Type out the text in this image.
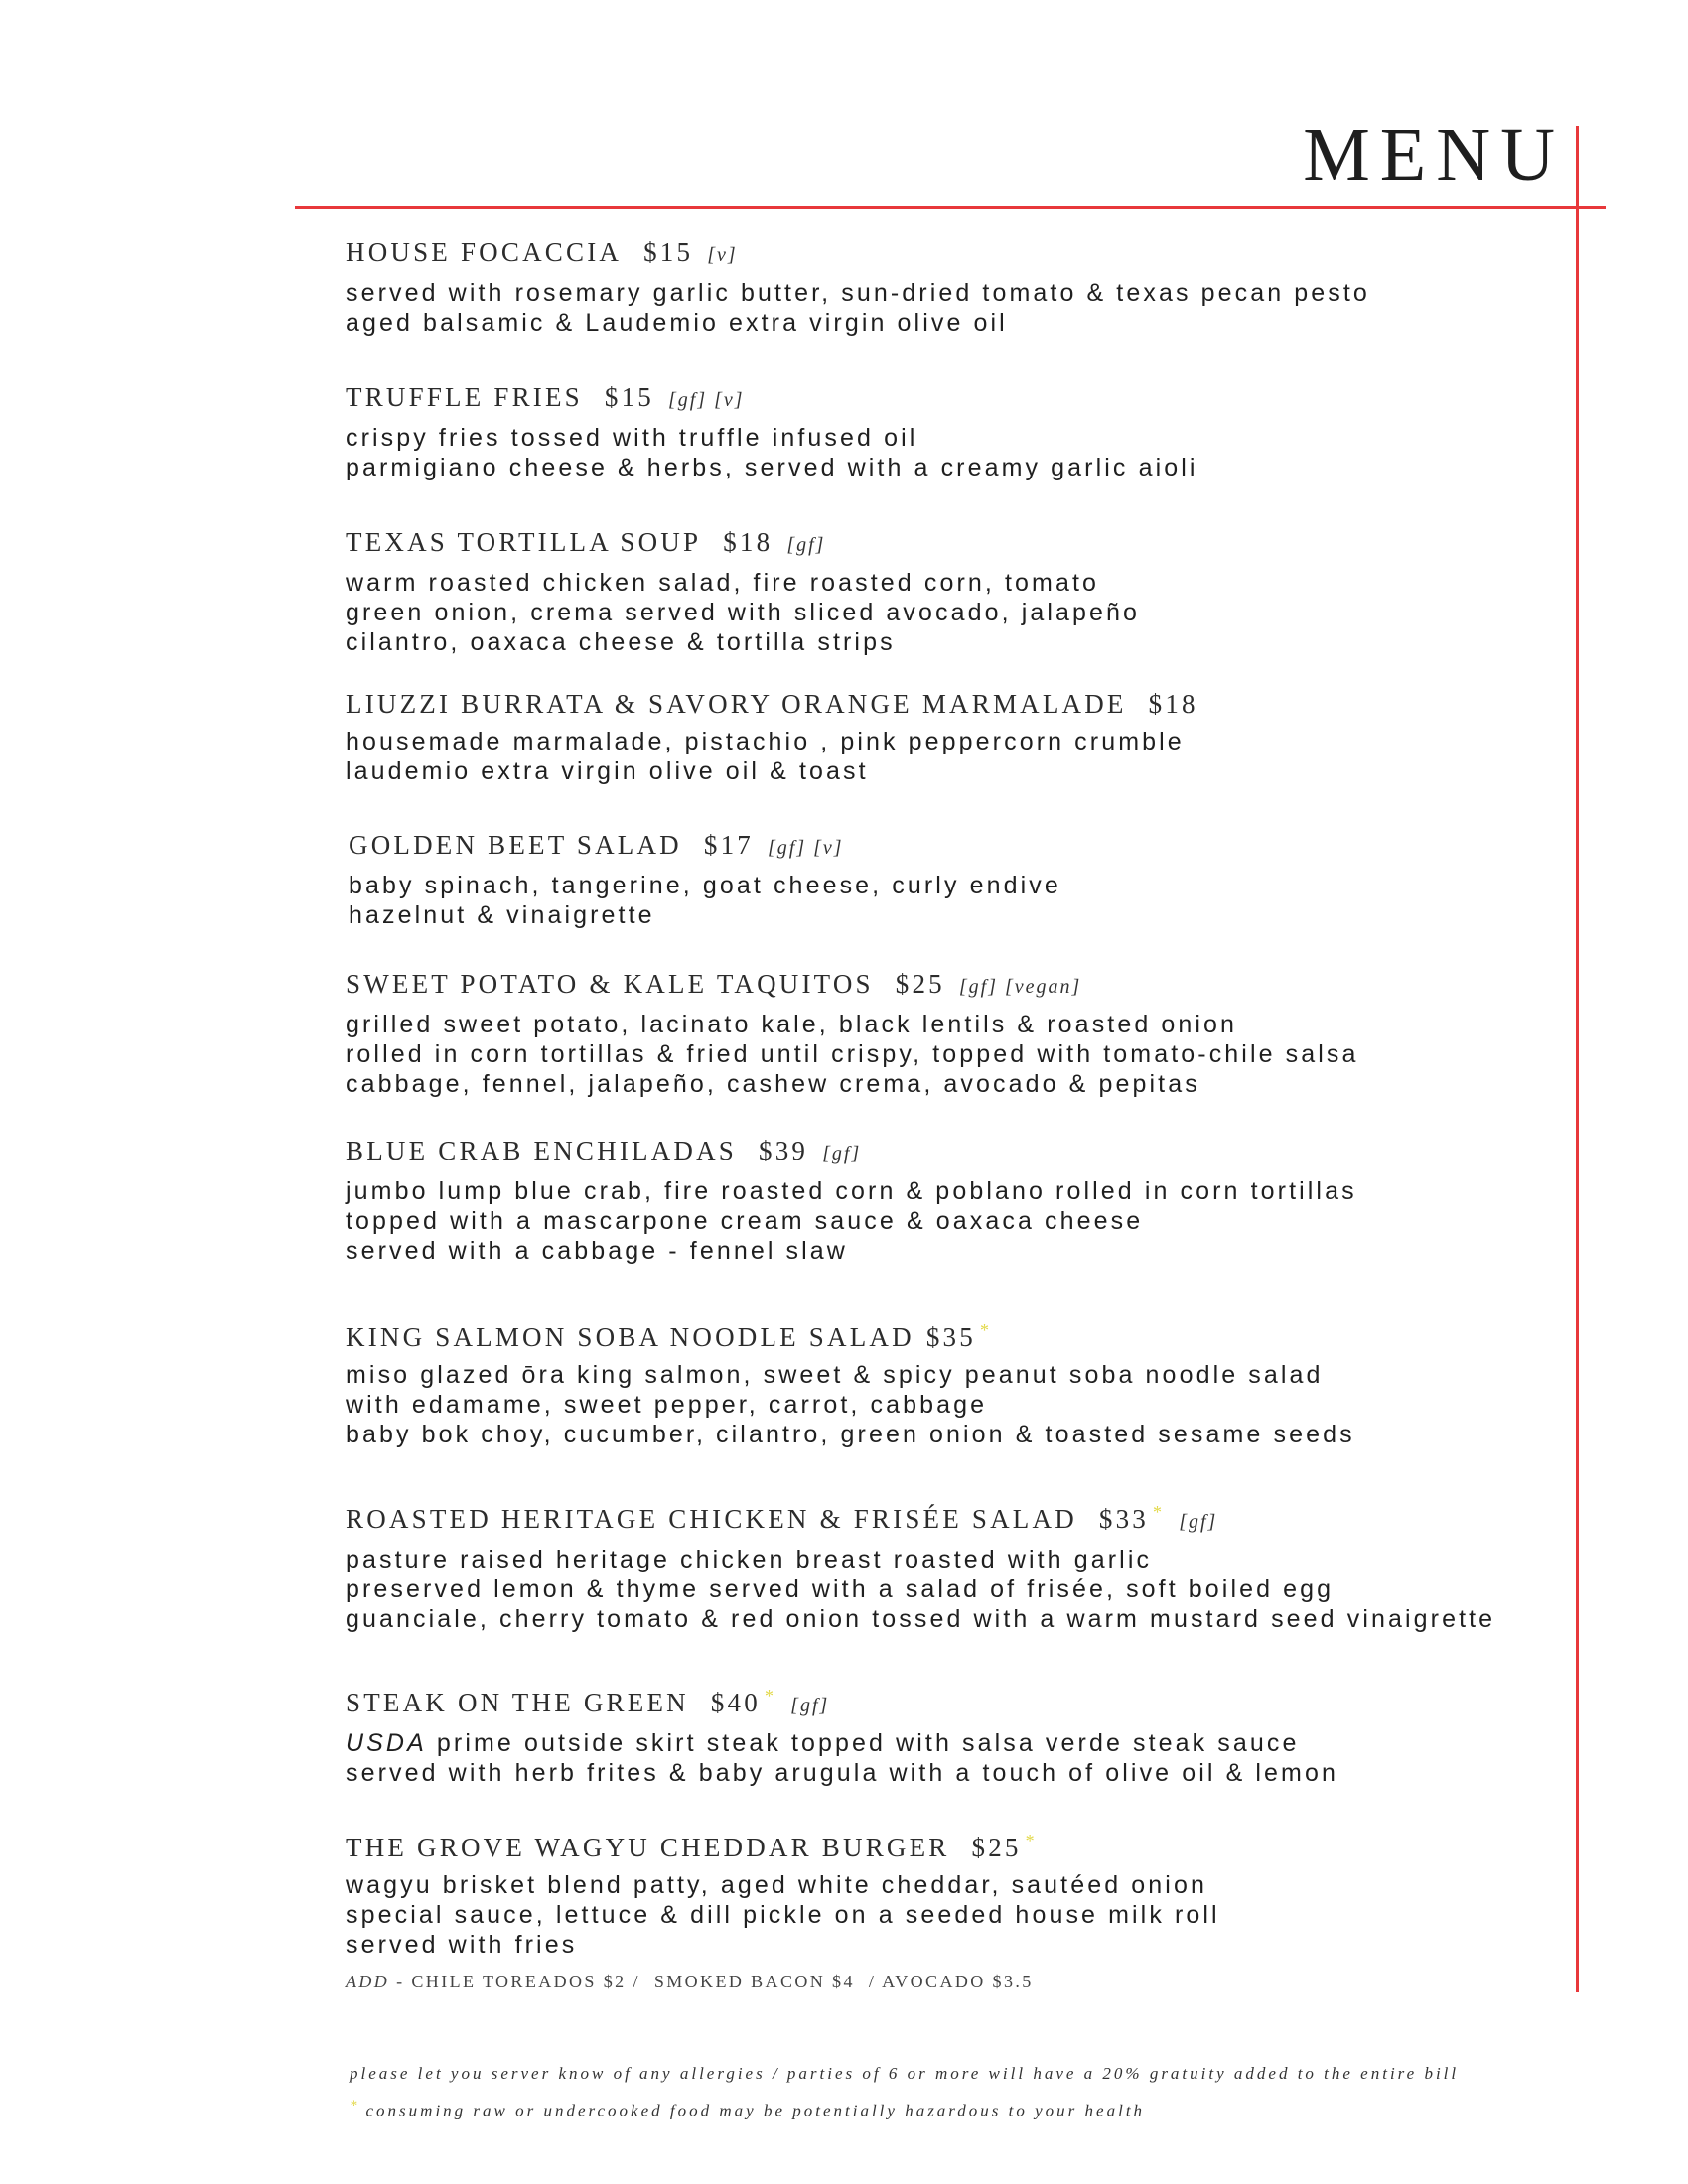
MENU
HOUSE FOCACCIA $15 [v]
served with rosemary garlic butter, sun-dried tomato & texas pecan pesto
aged balsamic & Laudemio extra virgin olive oil
TRUFFLE FRIES $15 [gf] [v]
crispy fries tossed with truffle infused oil
parmigiano cheese & herbs, served with a creamy garlic aioli
TEXAS TORTILLA SOUP $18 [gf]
warm roasted chicken salad, fire roasted corn, tomato
green onion, crema served with sliced avocado, jalapeño
cilantro, oaxaca cheese & tortilla strips
LIUZZI BURRATA & SAVORY ORANGE MARMALADE $18
housemade marmalade, pistachio , pink peppercorn crumble
laudemio extra virgin olive oil & toast
GOLDEN BEET SALAD $17 [gf] [v]
baby spinach, tangerine, goat cheese, curly endive
hazelnut & vinaigrette
SWEET POTATO & KALE TAQUITOS $25 [gf] [vegan]
grilled sweet potato, lacinato kale, black lentils & roasted onion
rolled in corn tortillas & fried until crispy, topped with tomato-chile salsa
cabbage, fennel, jalapeño, cashew crema, avocado & pepitas
BLUE CRAB ENCHILADAS $39 [gf]
jumbo lump blue crab, fire roasted corn & poblano rolled in corn tortillas
topped with a mascarpone cream sauce & oaxaca cheese
served with a cabbage - fennel slaw
KING SALMON SOBA NOODLE SALAD $35 *
miso glazed ōra king salmon, sweet & spicy peanut soba noodle salad
with edamame, sweet pepper, carrot, cabbage
baby bok choy, cucumber, cilantro, green onion & toasted sesame seeds
ROASTED HERITAGE CHICKEN & FRISÉE SALAD $33 * [gf]
pasture raised heritage chicken breast roasted with garlic
preserved lemon & thyme served with a salad of frisée, soft boiled egg
guanciale, cherry tomato & red onion tossed with a warm mustard seed vinaigrette
STEAK ON THE GREEN $40 * [gf]
USDA prime outside skirt steak topped with salsa verde steak sauce
served with herb frites & baby arugula with a touch of olive oil & lemon
THE GROVE WAGYU CHEDDAR BURGER $25 *
wagyu brisket blend patty, aged white cheddar, sautéed onion
special sauce, lettuce & dill pickle on a seeded house milk roll
served with fries
ADD - CHILE TOREADOS $2 / SMOKED BACON $4 / AVOCADO $3.5
please let you server know of any allergies / parties of 6 or more will have a 20% gratuity added to the entire bill
* consuming raw or undercooked food may be potentially hazardous to your health
